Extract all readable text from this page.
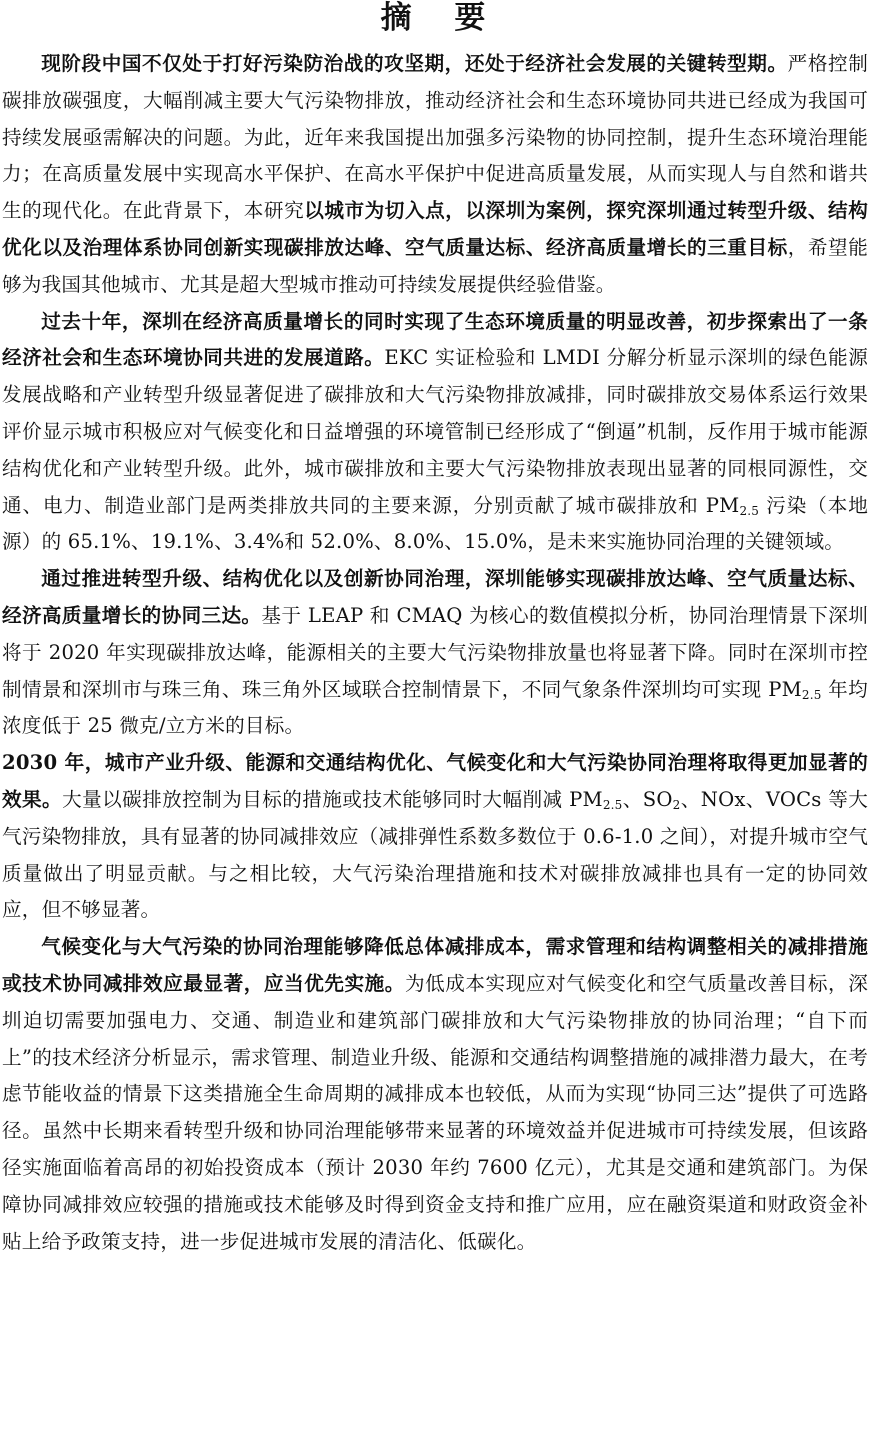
摘 要

现阶段中国不仅处于打好污染防治战的攻坚期，还处于经济社会发展的关键转型期。严格控制碳排放碳强度，大幅削减主要大气污染物排放，推动经济社会和生态环境协同共进已经成为我国可持续发展亟需解决的问题。为此，近年来我国提出加强多污染物的协同控制，提升生态环境治理能力；在高质量发展中实现高水平保护、在高水平保护中促进高质量发展，从而实现人与自然和谐共生的现代化。在此背景下，本研究以城市为切入点，以深圳为案例，探究深圳通过转型升级、结构优化以及治理体系协同创新实现碳排放达峰、空气质量达标、经济高质量增长的三重目标，希望能够为我国其他城市、尤其是超大型城市推动可持续发展提供经验借鉴。

过去十年，深圳在经济高质量增长的同时实现了生态环境质量的明显改善，初步探索出了一条经济社会和生态环境协同共进的发展道路。EKC 实证检验和 LMDI 分解分析显示深圳的绿色能源发展战略和产业转型升级显著促进了碳排放和大气污染物排放减排，同时碳排放交易体系运行效果评价显示城市积极应对气候变化和日益增强的环境管制已经形成了“倒逼”机制，反作用于城市能源结构优化和产业转型升级。此外，城市碳排放和主要大气污染物排放表现出显著的同根同源性，交通、电力、制造业部门是两类排放共同的主要来源，分别贡献了城市碳排放和 $PM_{2.5}$ 污染（本地源）的 65.1%、19.1%、3.4%和 52.0%、8.0%、15.0%，是未来实施协同治理的关键领域。

通过推进转型升级、结构优化以及创新协同治理，深圳能够实现碳排放达峰、空气质量达标、经济高质量增长的协同三达。基于 LEAP 和 CMAQ 为核心的数值模拟分析，协同治理情景下深圳将于 2020 年实现碳排放达峰，能源相关的主要大气污染物排放量也将显著下降。同时在深圳市控制情景和深圳市与珠三角、珠三角外区域联合控制情景下，不同气象条件深圳均可实现 $PM_{2.5}$ 年均浓度低于 25 微克/立方米的目标。

2030 年，城市产业升级、能源和交通结构优化、气候变化和大气污染协同治理将取得更加显著的效果。大量以碳排放控制为目标的措施或技术能够同时大幅削减 $PM_{2.5}$、$SO_2$、NOx、VOCs 等大气污染物排放，具有显著的协同减排效应（减排弹性系数多数位于 0.6-1.0 之间），对提升城市空气质量做出了明显贡献。与之相比较，大气污染治理措施和技术对碳排放减排也具有一定的协同效应，但不够显著。

气候变化与大气污染的协同治理能够降低总体减排成本，需求管理和结构调整相关的减排措施或技术协同减排效应最显著，应当优先实施。为低成本实现应对气候变化和空气质量改善目标，深圳迫切需要加强电力、交通、制造业和建筑部门碳排放和大气污染物排放的协同治理；“自下而上”的技术经济分析显示，需求管理、制造业升级、能源和交通结构调整措施的减排潜力最大，在考虑节能收益的情景下这类措施全生命周期的减排成本也较低，从而为实现“协同三达”提供了可选路径。虽然中长期来看转型升级和协同治理能够带来显著的环境效益并促进城市可持续发展，但该路径实施面临着高昂的初始投资成本（预计 2030 年约 7600 亿元），尤其是交通和建筑部门。为保障协同减排效应较强的措施或技术能够及时得到资金支持和推广应用，应在融资渠道和财政资金补贴上给予政策支持，进一步促进城市发展的清洁化、低碳化。
